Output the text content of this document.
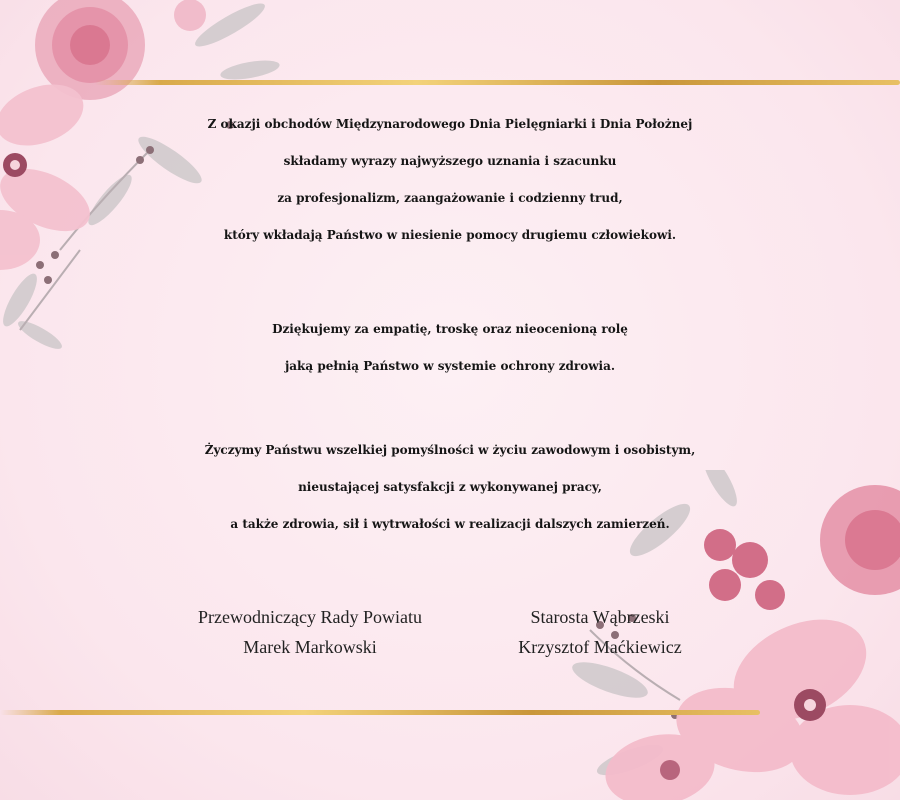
Z okazji obchodów Międzynarodowego Dnia Pielęgniarki i Dnia Położnej

składamy wyrazy najwyższego uznania i szacunku

za profesjonalizm, zaangażowanie i codzienny trud,

który wkładają Państwo w niesienie pomocy drugiemu człowiekowi.

Dziękujemy za empatię, troskę oraz nieocenioną rolę

jaką pełnią Państwo w systemie ochrony zdrowia.

Życzymy Państwu wszelkiej pomyślności w życiu zawodowym i osobistym,

nieustającej satysfakcji z wykonywanej pracy,

a także zdrowia, sił i wytrwałości w realizacji dalszych zamierzeń.

Przewodniczący Rady Powiatu

Marek Markowski

Starosta Wąbrzeski

Krzysztof Maćkiewicz
